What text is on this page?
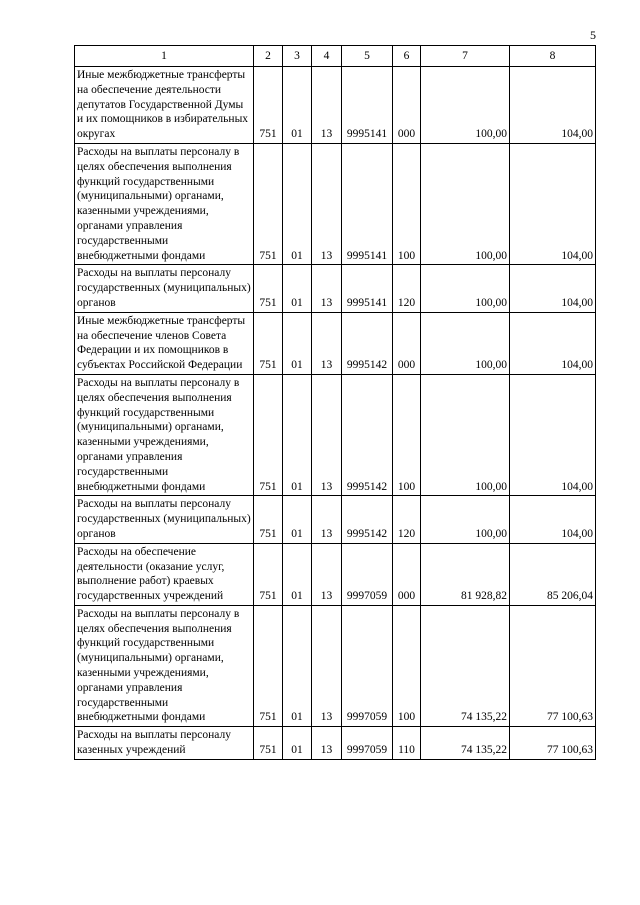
5
1	2	3	4	5	6	7	8
Иные межбюджетные трансферты на обеспечение деятельности депутатов Государственной Думы и их помощников в избирательных округах	751	01	13	9995141	000	100,00	104,00
Расходы на выплаты персоналу в целях обеспечения выполнения функций государственными (муниципальными) органами, казенными учреждениями, органами управления государственными внебюджетными фондами	751	01	13	9995141	100	100,00	104,00
Расходы на выплаты персоналу государственных (муниципальных) органов	751	01	13	9995141	120	100,00	104,00
Иные межбюджетные трансферты на обеспечение членов Совета Федерации и их помощников в субъектах Российской Федерации	751	01	13	9995142	000	100,00	104,00
Расходы на выплаты персоналу в целях обеспечения выполнения функций государственными (муниципальными) органами, казенными учреждениями, органами управления государственными внебюджетными фондами	751	01	13	9995142	100	100,00	104,00
Расходы на выплаты персоналу государственных (муниципальных) органов	751	01	13	9995142	120	100,00	104,00
Расходы на обеспечение деятельности (оказание услуг, выполнение работ) краевых государственных учреждений	751	01	13	9997059	000	81 928,82	85 206,04
Расходы на выплаты персоналу в целях обеспечения выполнения функций государственными (муниципальными) органами, казенными учреждениями, органами управления государственными внебюджетными фондами	751	01	13	9997059	100	74 135,22	77 100,63
Расходы на выплаты персоналу казенных учреждений	751	01	13	9997059	110	74 135,22	77 100,63
